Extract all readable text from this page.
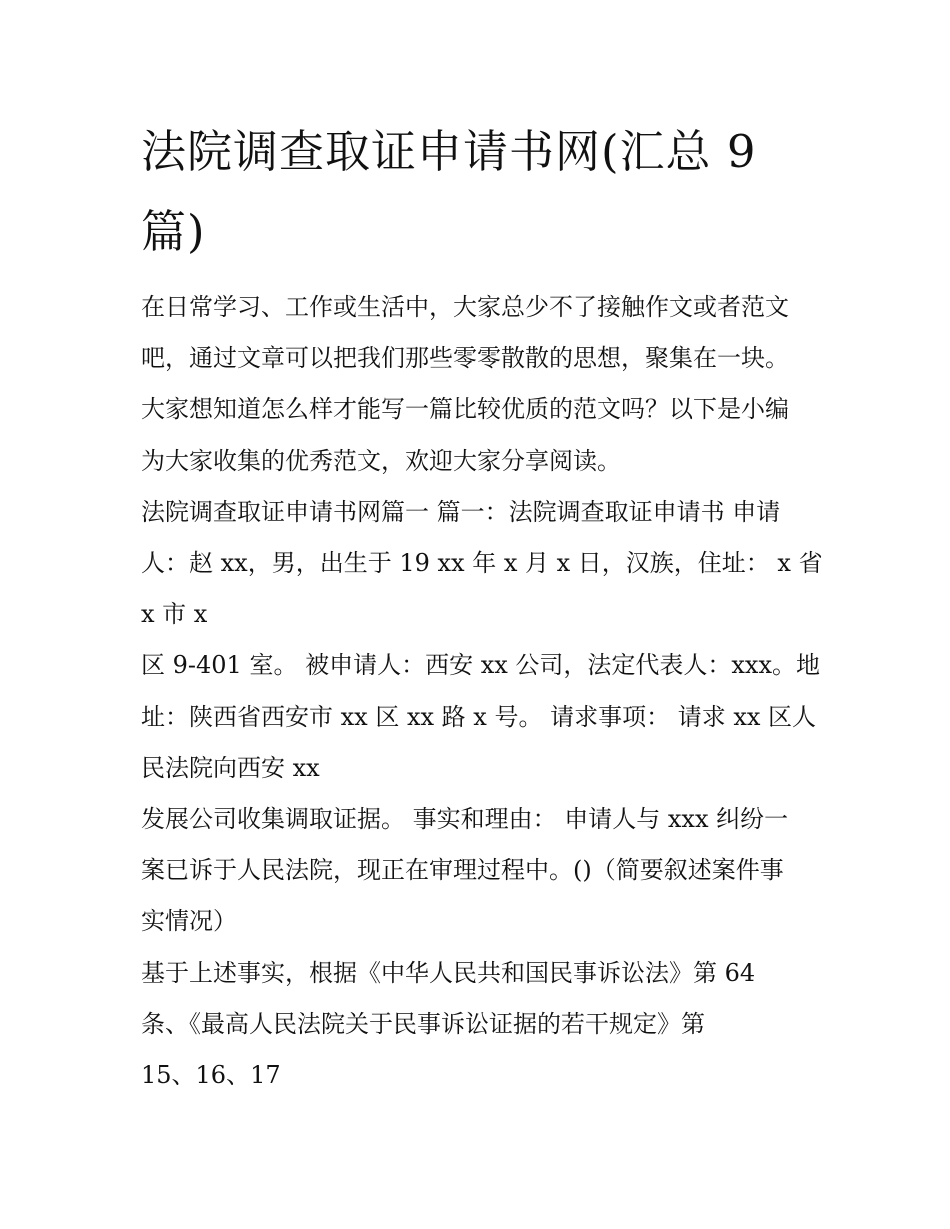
法院调查取证申请书网(汇总 9
篇)
在日常学习、工作或生活中，大家总少不了接触作文或者范文
吧，通过文章可以把我们那些零零散散的思想，聚集在一块。
大家想知道怎么样才能写一篇比较优质的范文吗？以下是小编
为大家收集的优秀范文，欢迎大家分享阅读。
法院调查取证申请书网篇一 篇一：法院调查取证申请书 申请
人：赵 xx，男，出生于 19 xx 年 x 月 x 日，汉族，住址： x 省
x 市 x
区 9-401 室。 被申请人：西安 xx 公司，法定代表人：xxx。地
址：陕西省西安市 xx 区 xx 路 x 号。 请求事项： 请求 xx 区人
民法院向西安 xx
发展公司收集调取证据。 事实和理由： 申请人与 xxx 纠纷一
案已诉于人民法院，现正在审理过程中。()（简要叙述案件事
实情况）
基于上述事实，根据《中华人民共和国民事诉讼法》第 64
条、《最高人民法院关于民事诉讼证据的若干规定》第
15、16、17
